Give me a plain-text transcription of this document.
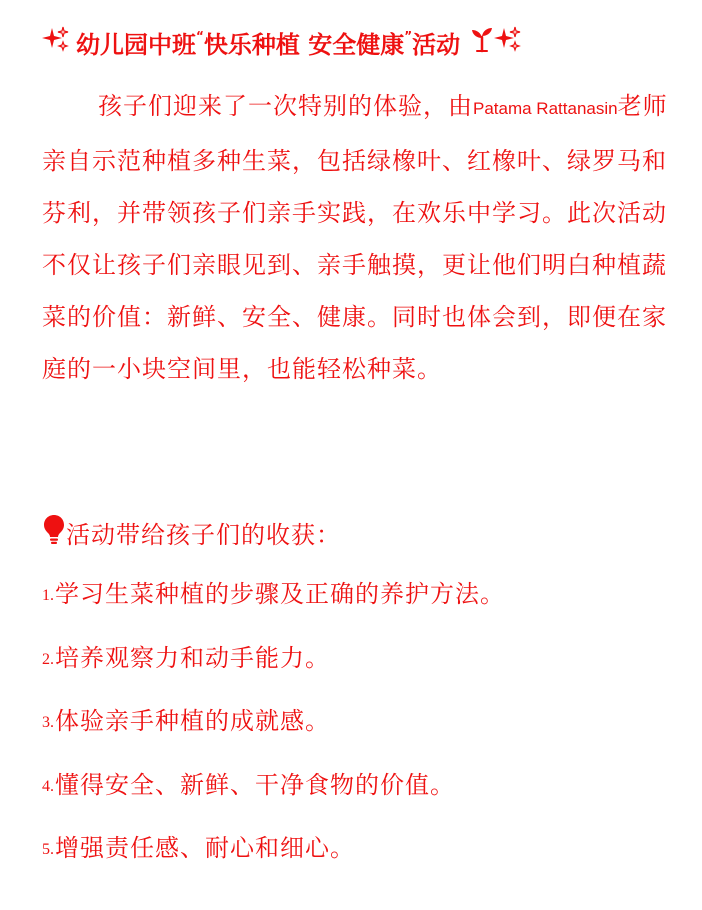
幼儿园中班 “ 快乐种植 安全健康 ” 活动

孩子们迎来了一次特别的体验，由Patama Rattanasin老师亲自示范种植多种生菜，包括绿橡叶、红橡叶、绿罗马和芬利，并带领孩子们亲手实践，在欢乐中学习。此次活动不仅让孩子们亲眼见到、亲手触摸，更让他们明白种植蔬菜的价值：新鲜、安全、健康。同时也体会到，即便在家庭的一小块空间里，也能轻松种菜。

活动带给孩子们的收获：
1. 学习生菜种植的步骤及正确的养护方法。
2. 培养观察力和动手能力。
3. 体验亲手种植的成就感。
4. 懂得安全、新鲜、干净食物的价值。
5. 增强责任感、耐心和细心。
